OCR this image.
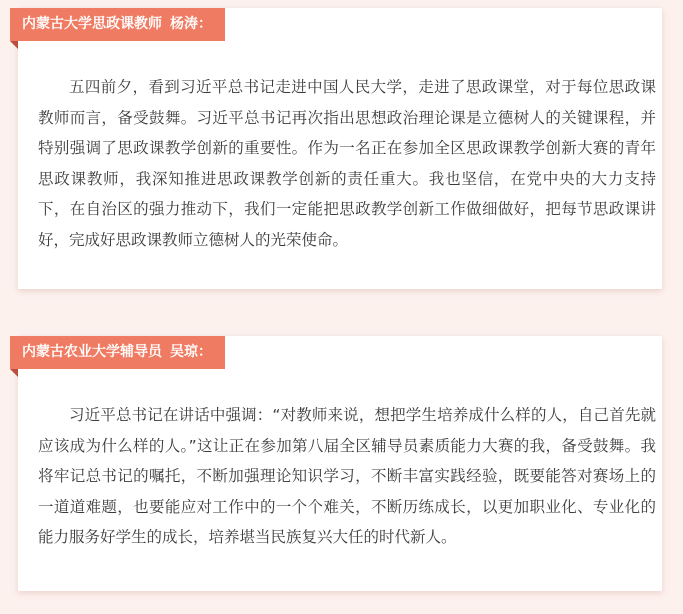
内蒙古大学思政课教师 杨涛：

五四前夕，看到习近平总书记走进中国人民大学，走进了思政课堂，对于每位思政课教师而言，备受鼓舞。习近平总书记再次指出思想政治理论课是立德树人的关键课程，并特别强调了思政课教学创新的重要性。作为一名正在参加全区思政课教学创新大赛的青年思政课教师，我深知推进思政课教学创新的责任重大。我也坚信，在党中央的大力支持下，在自治区的强力推动下，我们一定能把思政教学创新工作做细做好，把每节思政课讲好，完成好思政课教师立德树人的光荣使命。

内蒙古农业大学辅导员 吴琼：

习近平总书记在讲话中强调：“对教师来说，想把学生培养成什么样的人，自己首先就应该成为什么样的人。”这让正在参加第八届全区辅导员素质能力大赛的我，备受鼓舞。我将牢记总书记的嘱托，不断加强理论知识学习，不断丰富实践经验，既要能答对赛场上的一道道难题，也要能应对工作中的一个个难关，不断历练成长，以更加职业化、专业化的能力服务好学生的成长，培养堪当民族复兴大任的时代新人。
